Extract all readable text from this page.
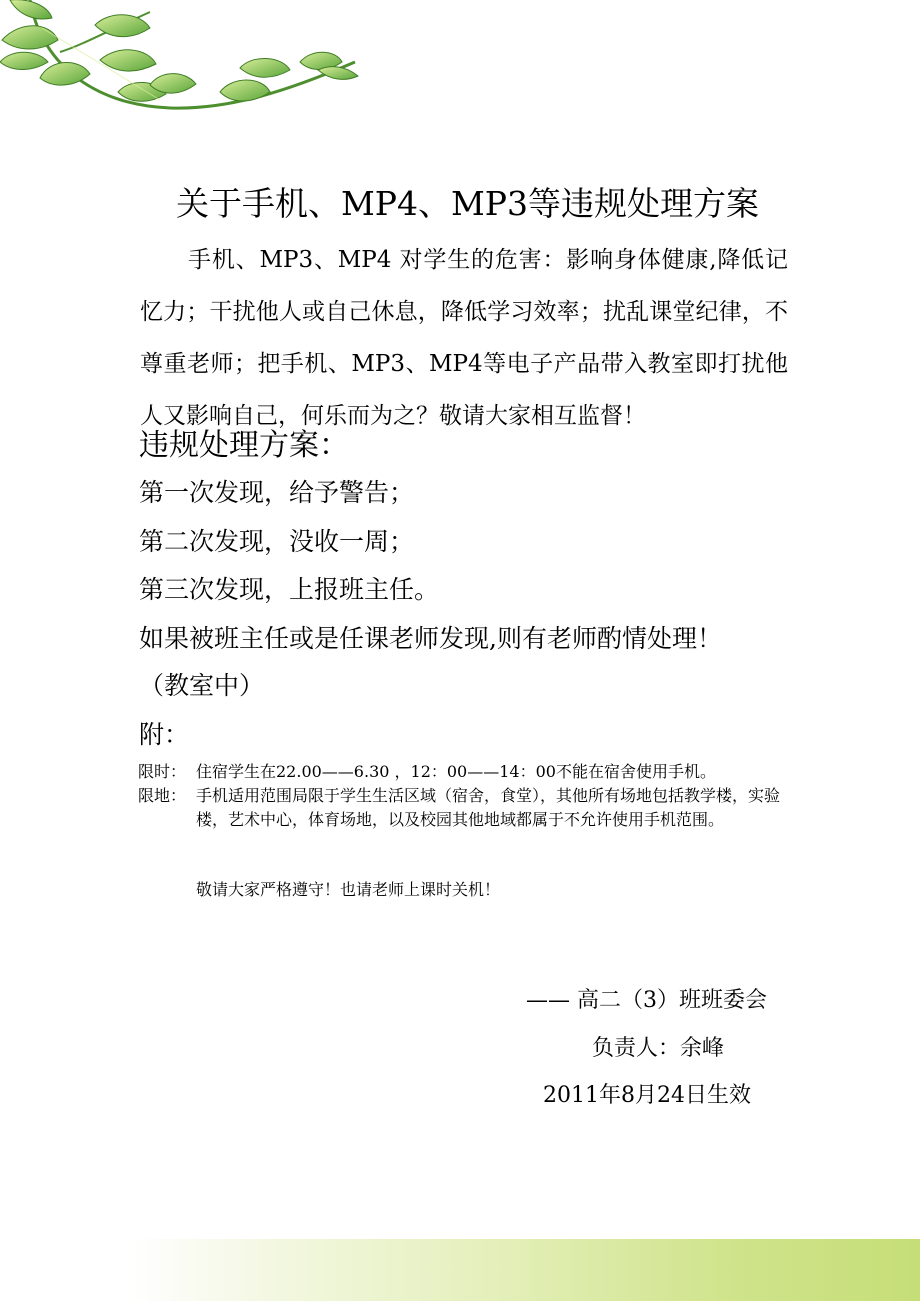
关于手机、MP4、MP3等违规处理方案
手机、MP3、MP4 对学生的危害：影响身体健康,降低记忆力；干扰他人或自己休息，降低学习效率；扰乱课堂纪律，不尊重老师；把手机、MP3、MP4等电子产品带入教室即打扰他人又影响自己，何乐而为之？敬请大家相互监督！
违规处理方案：
第一次发现，给予警告；
第二次发现，没收一周；
第三次发现，上报班主任。
如果被班主任或是任课老师发现,则有老师酌情处理！
（教室中）
附：
限时： 住宿学生在22.00——6.30 ，12：00——14：00不能在宿舍使用手机。
限地： 手机适用范围局限于学生生活区域（宿舍，食堂），其他所有场地包括教学楼，实验楼，艺术中心，体育场地，以及校园其他地域都属于不允许使用手机范围。
敬请大家严格遵守！也请老师上课时关机！
—— 高二（3）班班委会
负责人：余峰
2011年8月24日生效
